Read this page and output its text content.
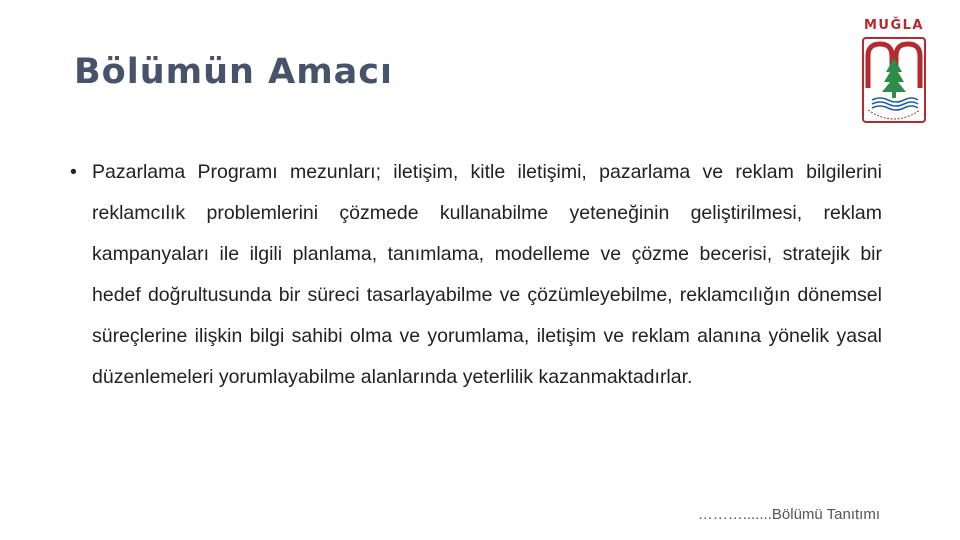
Bölümün Amacı
MUĞLA
• Pazarlama Programı mezunları; iletişim, kitle iletişimi, pazarlama ve reklam bilgilerini reklamcılık problemlerini çözmede kullanabilme yeteneğinin geliştirilmesi, reklam kampanyaları ile ilgili planlama, tanımlama, modelleme ve çözme becerisi, stratejik bir hedef doğrultusunda bir süreci tasarlayabilme ve çözümleyebilme, reklamcılığın dönemsel süreçlerine ilişkin bilgi sahibi olma ve yorumlama, iletişim ve reklam alanına yönelik yasal düzenlemeleri yorumlayabilme alanlarında yeterlilik kazanmaktadırlar.

……….......Bölümü Tanıtımı
